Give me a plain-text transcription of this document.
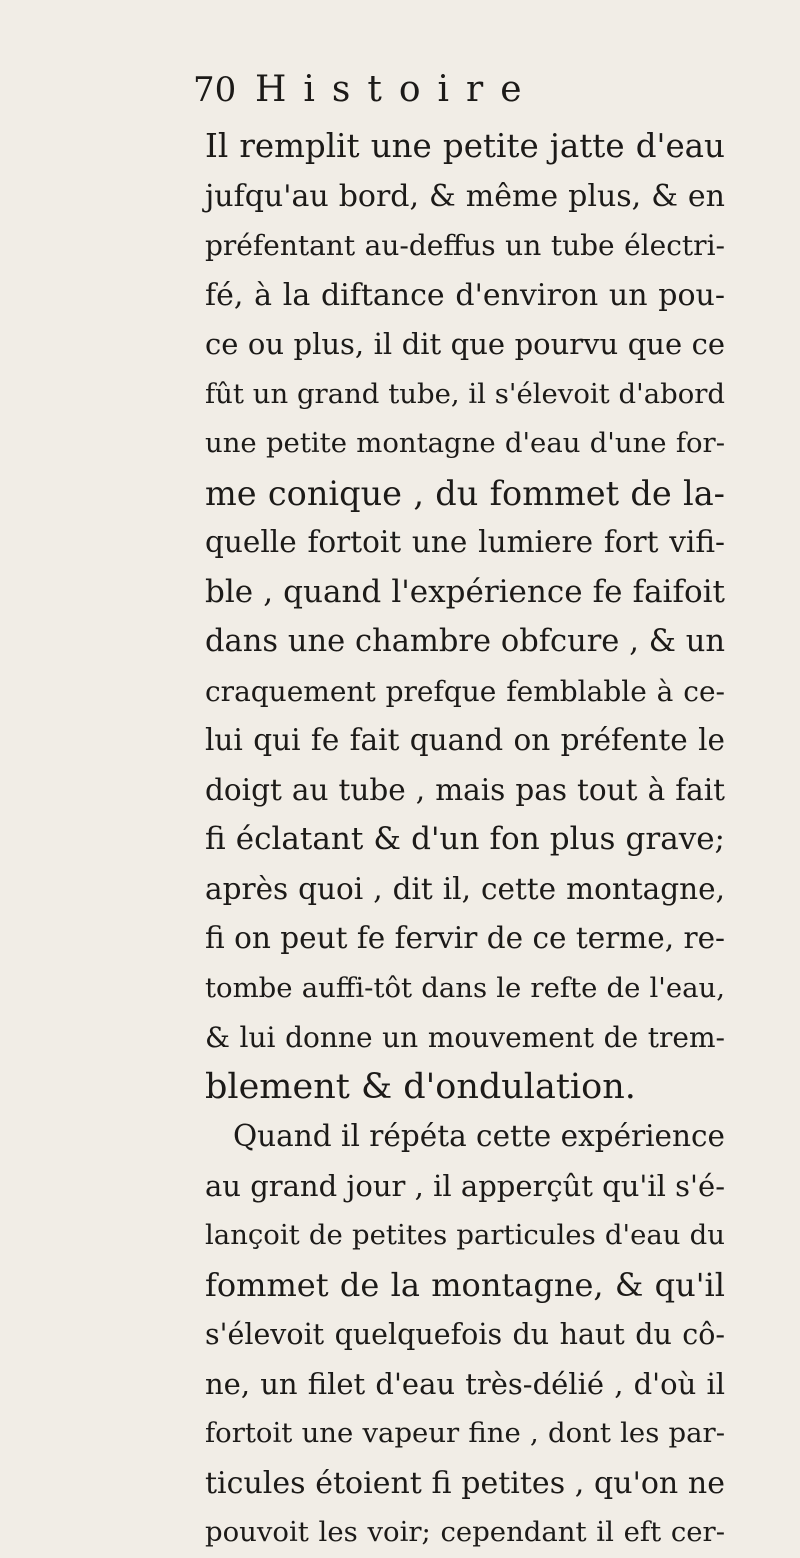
70 Histoire
Il remplit une petite jatte d'eau
jufqu'au bord, & même plus, & en
préfentant au-deffus un tube électri-
fé, à la diftance d'environ un pou-
ce ou plus, il dit que pourvu que ce
fût un grand tube, il s'élevoit d'abord
une petite montagne d'eau d'une for-
me conique , du fommet de la-
quelle fortoit une lumiere fort vifi-
ble , quand l'expérience fe faifoit
dans une chambre obfcure , & un
craquement prefque femblable à ce-
lui qui fe fait quand on préfente le
doigt au tube , mais pas tout à fait
fi éclatant & d'un fon plus grave;
après quoi , dit il, cette montagne,
fi on peut fe fervir de ce terme, re-
tombe auffi-tôt dans le refte de l'eau,
& lui donne un mouvement de trem-
blement & d'ondulation.
Quand il répéta cette expérience
au grand jour , il apperçût qu'il s'é-
lançoit de petites particules d'eau du
fommet de la montagne, & qu'il
s'élevoit quelquefois du haut du cô-
ne, un filet d'eau très-délié , d'où il
fortoit une vapeur fine , dont les par-
ticules étoient fi petites , qu'on ne
pouvoit les voir; cependant il eft cer-
